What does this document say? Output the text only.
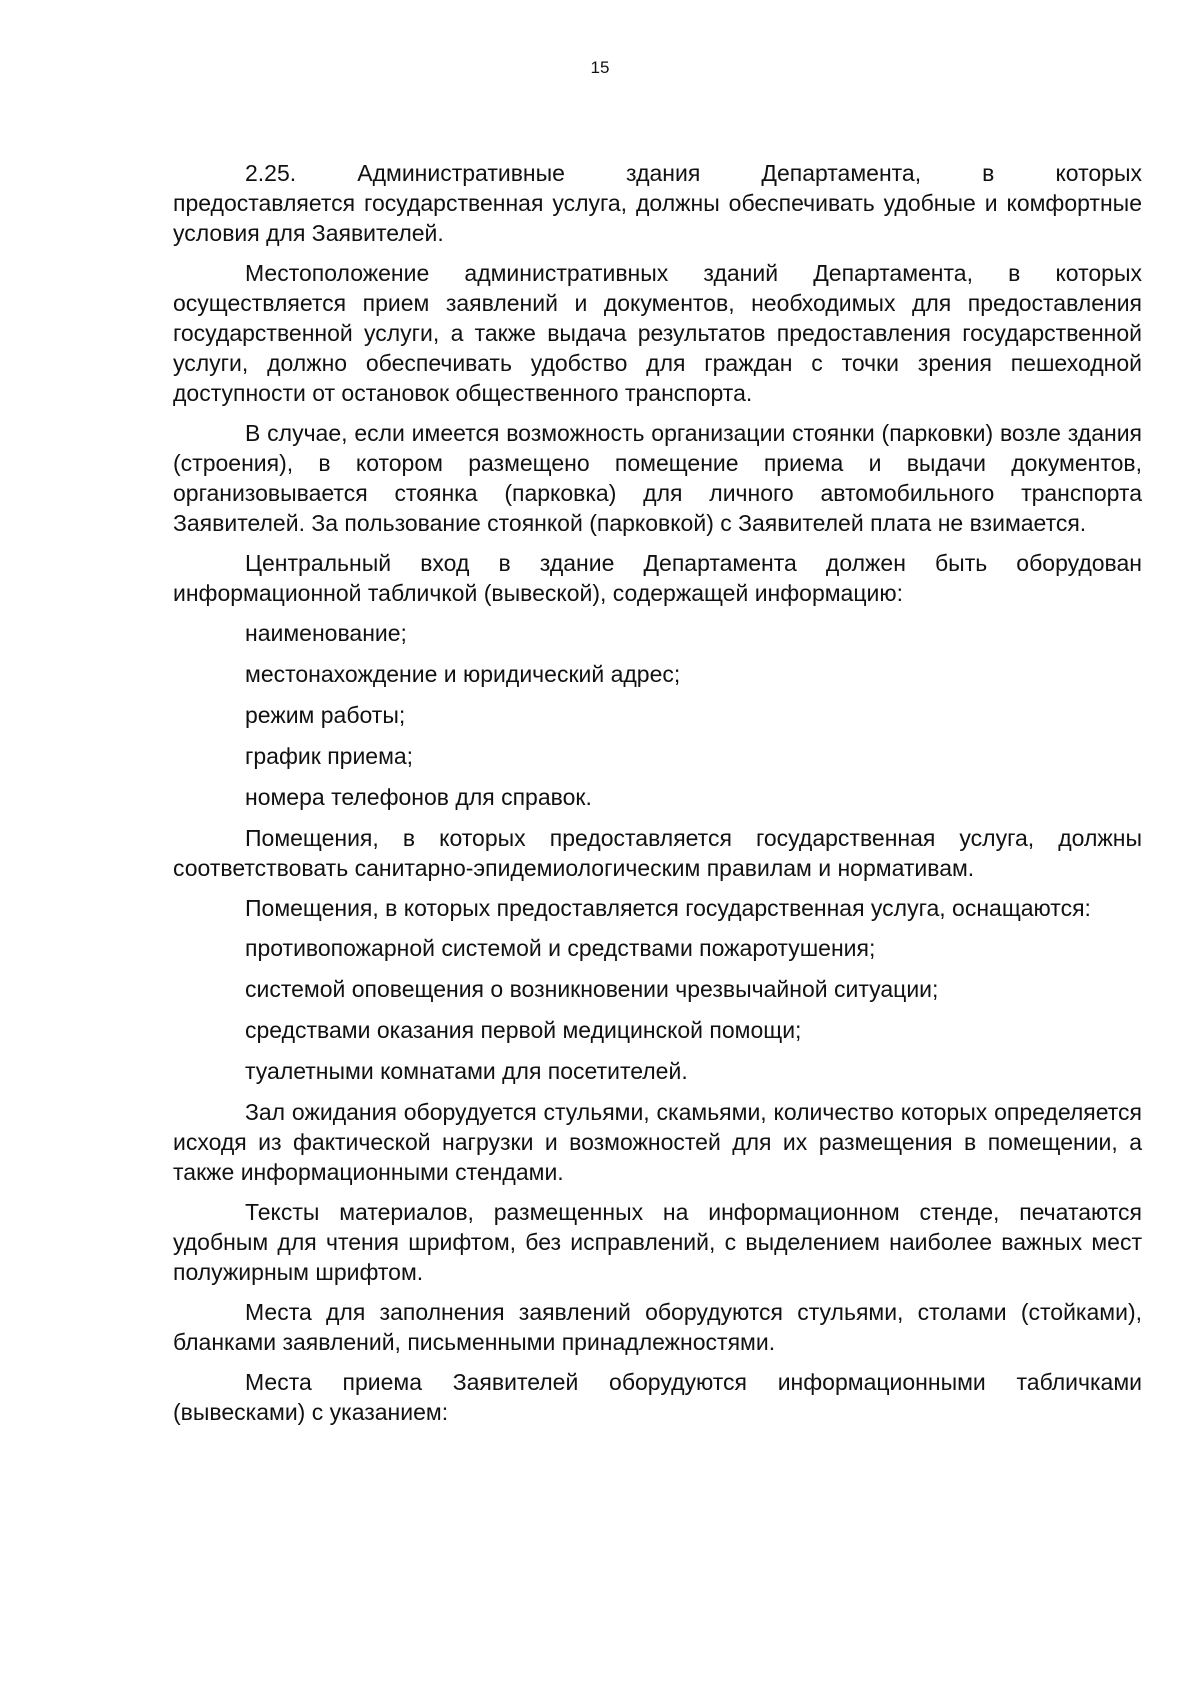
15

2.25.      Административные      здания      Департамента,      в      которых предоставляется государственная услуга, должны обеспечивать удобные и комфортные условия для Заявителей.

Местоположение административных зданий Департамента, в которых осуществляется прием заявлений и документов, необходимых для предоставления государственной услуги, а также выдача результатов предоставления государственной услуги, должно обеспечивать удобство для граждан с точки зрения пешеходной доступности от остановок общественного транспорта.

В случае, если имеется возможность организации стоянки (парковки) возле здания (строения), в котором размещено помещение приема и выдачи документов, организовывается стоянка (парковка) для личного автомобильного транспорта Заявителей. За пользование стоянкой (парковкой) с Заявителей плата не взимается.

Центральный вход в здание Департамента должен быть оборудован информационной табличкой (вывеской), содержащей информацию:

наименование;

местонахождение и юридический адрес;

режим работы;

график приема;

номера телефонов для справок.

Помещения, в которых предоставляется государственная услуга, должны соответствовать санитарно-эпидемиологическим правилам и нормативам.

Помещения, в которых предоставляется государственная услуга, оснащаются:

противопожарной системой и средствами пожаротушения;

системой оповещения о возникновении чрезвычайной ситуации;

средствами оказания первой медицинской помощи;

туалетными комнатами для посетителей.

Зал ожидания оборудуется стульями, скамьями, количество которых определяется исходя из фактической нагрузки и возможностей для их размещения в помещении, а также информационными стендами.

Тексты материалов, размещенных на информационном стенде, печатаются удобным для чтения шрифтом, без исправлений, с выделением наиболее важных мест полужирным шрифтом.

Места для заполнения заявлений оборудуются стульями, столами (стойками), бланками заявлений, письменными принадлежностями.

Места приема Заявителей оборудуются информационными табличками (вывесками) с указанием:
